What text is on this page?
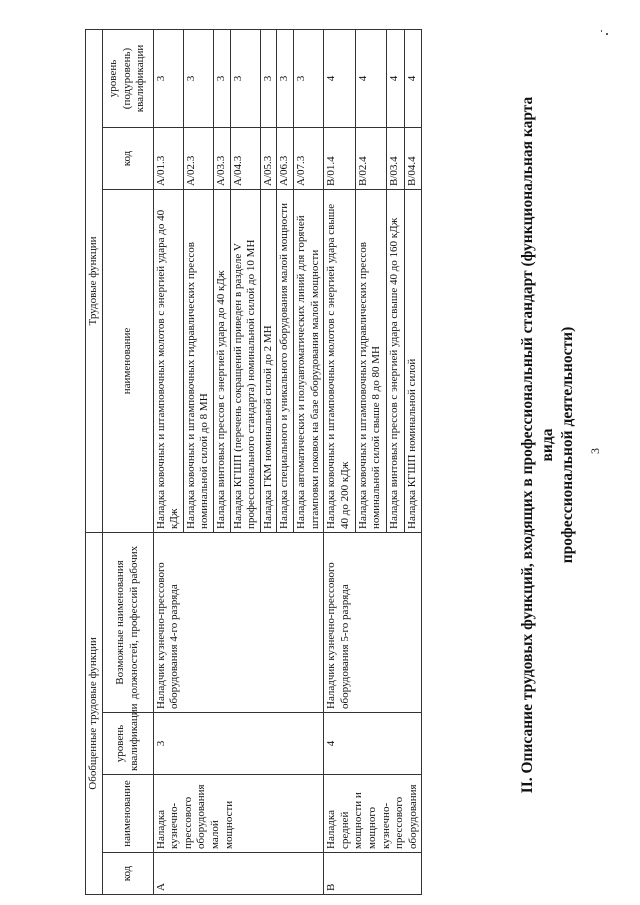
3
II. Описание трудовых функций, входящих в профессиональный стандарт (функциональная карта вида профессиональной деятельности)
Обобщенные трудовые функции				Трудовые функции		
код	наименование	уровень квалификации	Возможные наименования должностей, профессий рабочих	наименование	код	уровень (подуровень) квалификации
A	Наладка кузнечно-прессового оборудования малой мощности	3	Наладчик кузнечно-прессового оборудования 4-го разряда	Наладка ковочных и штамповочных молотов с энергией удара до 40 кДж	A/01.3	3
				Наладка ковочных и штамповочных гидравлических прессов номинальной силой до 8 МН	A/02.3	3
				Наладка винтовых прессов с энергией удара до 40 кДж	A/03.3	3
				Наладка КГШП (перечень сокращений приведен в разделе V профессионального стандарта) номинальной силой до 10 МН	A/04.3	3
				Наладка ГКМ номинальной силой до 2 МН	A/05.3	3
				Наладка специального и уникального оборудования малой мощности	A/06.3	3
				Наладка автоматических и полуавтоматических линий для горячей штамповки поковок на базе оборудования малой мощности	A/07.3	3
B	Наладка средней мощности и мощного кузнечно-прессового оборудования	4	Наладчик кузнечно-прессового оборудования 5-го разряда	Наладка ковочных и штамповочных молотов с энергией удара свыше 40 до 200 кДж	B/01.4	4
				Наладка ковочных и штамповочных гидравлических прессов номинальной силой свыше 8 до 80 МН	B/02.4	4
				Наладка винтовых прессов с энергией удара свыше 40 до 160 кДж	B/03.4	4
				Наладка КГШП номинальной силой	B/04.4	4
